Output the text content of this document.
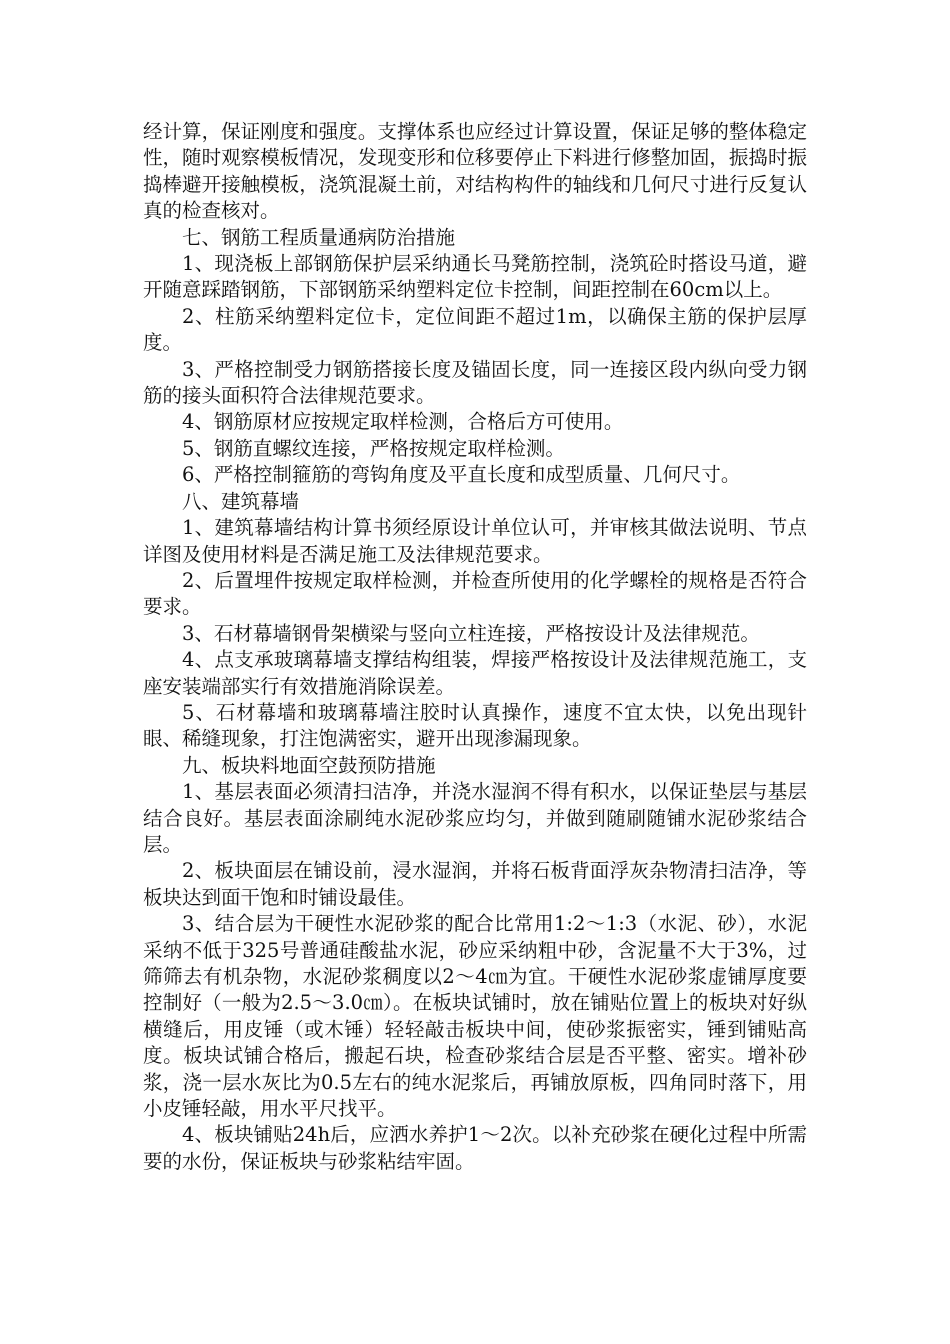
经计算，保证刚度和强度。支撑体系也应经过计算设置，保证足够的整体稳定性，随时观察模板情况，发现变形和位移要停止下料进行修整加固，振捣时振捣棒避开接触模板，浇筑混凝土前，对结构构件的轴线和几何尺寸进行反复认真的检查核对。

七、钢筋工程质量通病防治措施

1、现浇板上部钢筋保护层采纳通长马凳筋控制，浇筑砼时搭设马道，避开随意踩踏钢筋，下部钢筋采纳塑料定位卡控制，间距控制在60cm以上。

2、柱筋采纳塑料定位卡，定位间距不超过1m，以确保主筋的保护层厚度。

3、严格控制受力钢筋搭接长度及锚固长度，同一连接区段内纵向受力钢筋的接头面积符合法律规范要求。

4、钢筋原材应按规定取样检测，合格后方可使用。

5、钢筋直螺纹连接，严格按规定取样检测。

6、严格控制箍筋的弯钩角度及平直长度和成型质量、几何尺寸。

八、建筑幕墙

1、建筑幕墙结构计算书须经原设计单位认可，并审核其做法说明、节点详图及使用材料是否满足施工及法律规范要求。

2、后置埋件按规定取样检测，并检查所使用的化学螺栓的规格是否符合要求。

3、石材幕墙钢骨架横梁与竖向立柱连接，严格按设计及法律规范。

4、点支承玻璃幕墙支撑结构组装，焊接严格按设计及法律规范施工，支座安装端部实行有效措施消除误差。

5、石材幕墙和玻璃幕墙注胶时认真操作，速度不宜太快，以免出现针眼、稀缝现象，打注饱满密实，避开出现渗漏现象。

九、板块料地面空鼓预防措施

1、基层表面必须清扫洁净，并浇水湿润不得有积水，以保证垫层与基层结合良好。基层表面涂刷纯水泥砂浆应均匀，并做到随刷随铺水泥砂浆结合层。

2、板块面层在铺设前，浸水湿润，并将石板背面浮灰杂物清扫洁净，等板块达到面干饱和时铺设最佳。

3、结合层为干硬性水泥砂浆的配合比常用1:2～1:3（水泥、砂），水泥采纳不低于325号普通硅酸盐水泥，砂应采纳粗中砂，含泥量不大于3%，过筛筛去有机杂物，水泥砂浆稠度以2～4㎝为宜。干硬性水泥砂浆虚铺厚度要控制好（一般为2.5～3.0㎝）。在板块试铺时，放在铺贴位置上的板块对好纵横缝后，用皮锤（或木锤）轻轻敲击板块中间，使砂浆振密实，锤到铺贴高度。板块试铺合格后，搬起石块，检查砂浆结合层是否平整、密实。增补砂浆，浇一层水灰比为0.5左右的纯水泥浆后，再铺放原板，四角同时落下，用小皮锤轻敲，用水平尺找平。

4、板块铺贴24h后，应洒水养护1～2次。以补充砂浆在硬化过程中所需要的水份，保证板块与砂浆粘结牢固。
